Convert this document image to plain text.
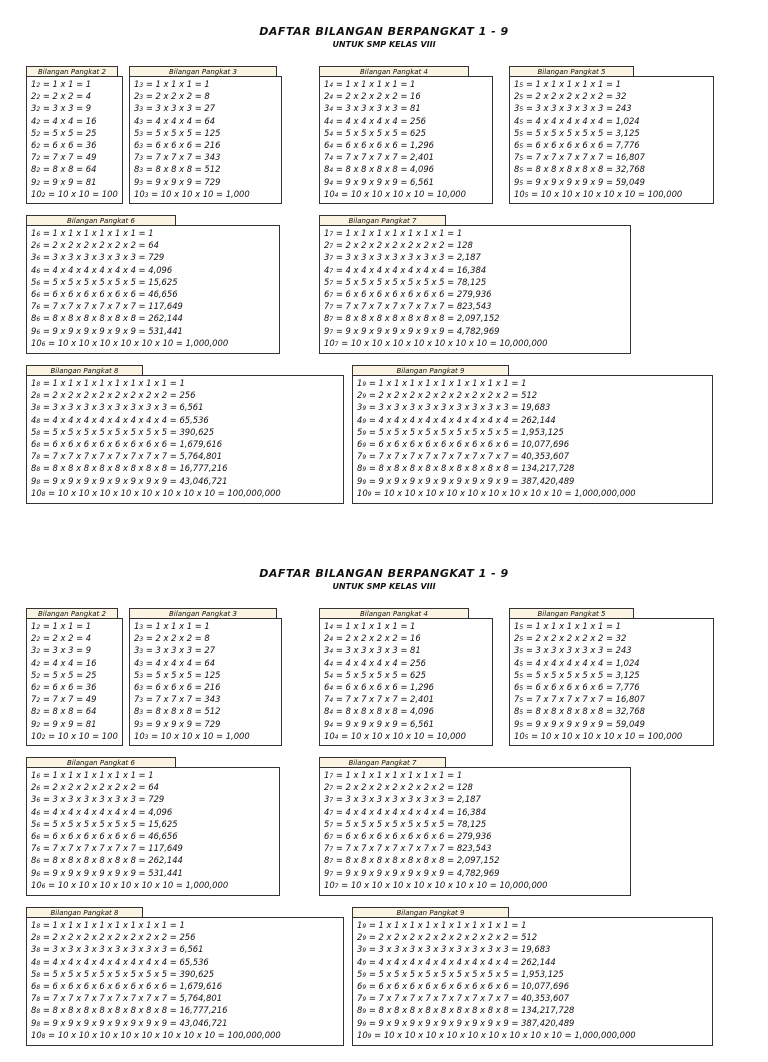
DAFTAR BILANGAN BERPANGKAT 1 - 9
UNTUK SMP KELAS VIII
Bilangan Pangkat 2
12 = 1 x 1 = 1
22 = 2 x 2 = 4
32 = 3 x 3 = 9
42 = 4 x 4 = 16
52 = 5 x 5 = 25
62 = 6 x 6 = 36
72 = 7 x 7 = 49
82 = 8 x 8 = 64
92 = 9 x 9 = 81
102 = 10 x 10 = 100
Bilangan Pangkat 3
13 = 1 x 1 x 1 = 1
23 = 2 x 2 x 2 = 8
33 = 3 x 3 x 3 = 27
43 = 4 x 4 x 4 = 64
53 = 5 x 5 x 5 = 125
63 = 6 x 6 x 6 = 216
73 = 7 x 7 x 7 = 343
83 = 8 x 8 x 8 = 512
93 = 9 x 9 x 9 = 729
103 = 10 x 10 x 10 = 1,000
Bilangan Pangkat 4
14 = 1 x 1 x 1 x 1 = 1
24 = 2 x 2 x 2 x 2 = 16
34 = 3 x 3 x 3 x 3 = 81
44 = 4 x 4 x 4 x 4 = 256
54 = 5 x 5 x 5 x 5 = 625
64 = 6 x 6 x 6 x 6 = 1,296
74 = 7 x 7 x 7 x 7 = 2,401
84 = 8 x 8 x 8 x 8 = 4,096
94 = 9 x 9 x 9 x 9 = 6,561
104 = 10 x 10 x 10 x 10 = 10,000
Bilangan Pangkat 5
15 = 1 x 1 x 1 x 1 x 1 = 1
25 = 2 x 2 x 2 x 2 x 2 = 32
35 = 3 x 3 x 3 x 3 x 3 = 243
45 = 4 x 4 x 4 x 4 x 4 = 1,024
55 = 5 x 5 x 5 x 5 x 5 = 3,125
65 = 6 x 6 x 6 x 6 x 6 = 7,776
75 = 7 x 7 x 7 x 7 x 7 = 16,807
85 = 8 x 8 x 8 x 8 x 8 = 32,768
95 = 9 x 9 x 9 x 9 x 9 = 59,049
105 = 10 x 10 x 10 x 10 x 10 = 100,000
Bilangan Pangkat 6
16 = 1 x 1 x 1 x 1 x 1 x 1 = 1
26 = 2 x 2 x 2 x 2 x 2 x 2 = 64
36 = 3 x 3 x 3 x 3 x 3 x 3 = 729
46 = 4 x 4 x 4 x 4 x 4 x 4 = 4,096
56 = 5 x 5 x 5 x 5 x 5 x 5 = 15,625
66 = 6 x 6 x 6 x 6 x 6 x 6 = 46,656
76 = 7 x 7 x 7 x 7 x 7 x 7 = 117,649
86 = 8 x 8 x 8 x 8 x 8 x 8 = 262,144
96 = 9 x 9 x 9 x 9 x 9 x 9 = 531,441
106 = 10 x 10 x 10 x 10 x 10 x 10 = 1,000,000
Bilangan Pangkat 7
17 = 1 x 1 x 1 x 1 x 1 x 1 x 1 = 1
27 = 2 x 2 x 2 x 2 x 2 x 2 x 2 = 128
37 = 3 x 3 x 3 x 3 x 3 x 3 x 3 = 2,187
47 = 4 x 4 x 4 x 4 x 4 x 4 x 4 = 16,384
57 = 5 x 5 x 5 x 5 x 5 x 5 x 5 = 78,125
67 = 6 x 6 x 6 x 6 x 6 x 6 x 6 = 279,936
77 = 7 x 7 x 7 x 7 x 7 x 7 x 7 = 823,543
87 = 8 x 8 x 8 x 8 x 8 x 8 x 8 = 2,097,152
97 = 9 x 9 x 9 x 9 x 9 x 9 x 9 = 4,782,969
107 = 10 x 10 x 10 x 10 x 10 x 10 x 10 = 10,000,000
Bilangan Pangkat 8
18 = 1 x 1 x 1 x 1 x 1 x 1 x 1 x 1 = 1
28 = 2 x 2 x 2 x 2 x 2 x 2 x 2 x 2 = 256
38 = 3 x 3 x 3 x 3 x 3 x 3 x 3 x 3 = 6,561
48 = 4 x 4 x 4 x 4 x 4 x 4 x 4 x 4 = 65,536
58 = 5 x 5 x 5 x 5 x 5 x 5 x 5 x 5 = 390,625
68 = 6 x 6 x 6 x 6 x 6 x 6 x 6 x 6 = 1,679,616
78 = 7 x 7 x 7 x 7 x 7 x 7 x 7 x 7 = 5,764,801
88 = 8 x 8 x 8 x 8 x 8 x 8 x 8 x 8 = 16,777,216
98 = 9 x 9 x 9 x 9 x 9 x 9 x 9 x 9 = 43,046,721
108 = 10 x 10 x 10 x 10 x 10 x 10 x 10 x 10 = 100,000,000
Bilangan Pangkat 9
19 = 1 x 1 x 1 x 1 x 1 x 1 x 1 x 1 x 1 = 1
29 = 2 x 2 x 2 x 2 x 2 x 2 x 2 x 2 x 2 = 512
39 = 3 x 3 x 3 x 3 x 3 x 3 x 3 x 3 x 3 = 19,683
49 = 4 x 4 x 4 x 4 x 4 x 4 x 4 x 4 x 4 = 262,144
59 = 5 x 5 x 5 x 5 x 5 x 5 x 5 x 5 x 5 = 1,953,125
69 = 6 x 6 x 6 x 6 x 6 x 6 x 6 x 6 x 6 = 10,077,696
79 = 7 x 7 x 7 x 7 x 7 x 7 x 7 x 7 x 7 = 40,353,607
89 = 8 x 8 x 8 x 8 x 8 x 8 x 8 x 8 x 8 = 134,217,728
99 = 9 x 9 x 9 x 9 x 9 x 9 x 9 x 9 x 9 = 387,420,489
109 = 10 x 10 x 10 x 10 x 10 x 10 x 10 x 10 x 10 = 1,000,000,000
DAFTAR BILANGAN BERPANGKAT 1 - 9
UNTUK SMP KELAS VIII
Bilangan Pangkat 2
12 = 1 x 1 = 1
22 = 2 x 2 = 4
32 = 3 x 3 = 9
42 = 4 x 4 = 16
52 = 5 x 5 = 25
62 = 6 x 6 = 36
72 = 7 x 7 = 49
82 = 8 x 8 = 64
92 = 9 x 9 = 81
102 = 10 x 10 = 100
Bilangan Pangkat 3
13 = 1 x 1 x 1 = 1
23 = 2 x 2 x 2 = 8
33 = 3 x 3 x 3 = 27
43 = 4 x 4 x 4 = 64
53 = 5 x 5 x 5 = 125
63 = 6 x 6 x 6 = 216
73 = 7 x 7 x 7 = 343
83 = 8 x 8 x 8 = 512
93 = 9 x 9 x 9 = 729
103 = 10 x 10 x 10 = 1,000
Bilangan Pangkat 4
14 = 1 x 1 x 1 x 1 = 1
24 = 2 x 2 x 2 x 2 = 16
34 = 3 x 3 x 3 x 3 = 81
44 = 4 x 4 x 4 x 4 = 256
54 = 5 x 5 x 5 x 5 = 625
64 = 6 x 6 x 6 x 6 = 1,296
74 = 7 x 7 x 7 x 7 = 2,401
84 = 8 x 8 x 8 x 8 = 4,096
94 = 9 x 9 x 9 x 9 = 6,561
104 = 10 x 10 x 10 x 10 = 10,000
Bilangan Pangkat 5
15 = 1 x 1 x 1 x 1 x 1 = 1
25 = 2 x 2 x 2 x 2 x 2 = 32
35 = 3 x 3 x 3 x 3 x 3 = 243
45 = 4 x 4 x 4 x 4 x 4 = 1,024
55 = 5 x 5 x 5 x 5 x 5 = 3,125
65 = 6 x 6 x 6 x 6 x 6 = 7,776
75 = 7 x 7 x 7 x 7 x 7 = 16,807
85 = 8 x 8 x 8 x 8 x 8 = 32,768
95 = 9 x 9 x 9 x 9 x 9 = 59,049
105 = 10 x 10 x 10 x 10 x 10 = 100,000
Bilangan Pangkat 6
16 = 1 x 1 x 1 x 1 x 1 x 1 = 1
26 = 2 x 2 x 2 x 2 x 2 x 2 = 64
36 = 3 x 3 x 3 x 3 x 3 x 3 = 729
46 = 4 x 4 x 4 x 4 x 4 x 4 = 4,096
56 = 5 x 5 x 5 x 5 x 5 x 5 = 15,625
66 = 6 x 6 x 6 x 6 x 6 x 6 = 46,656
76 = 7 x 7 x 7 x 7 x 7 x 7 = 117,649
86 = 8 x 8 x 8 x 8 x 8 x 8 = 262,144
96 = 9 x 9 x 9 x 9 x 9 x 9 = 531,441
106 = 10 x 10 x 10 x 10 x 10 x 10 = 1,000,000
Bilangan Pangkat 7
17 = 1 x 1 x 1 x 1 x 1 x 1 x 1 = 1
27 = 2 x 2 x 2 x 2 x 2 x 2 x 2 = 128
37 = 3 x 3 x 3 x 3 x 3 x 3 x 3 = 2,187
47 = 4 x 4 x 4 x 4 x 4 x 4 x 4 = 16,384
57 = 5 x 5 x 5 x 5 x 5 x 5 x 5 = 78,125
67 = 6 x 6 x 6 x 6 x 6 x 6 x 6 = 279,936
77 = 7 x 7 x 7 x 7 x 7 x 7 x 7 = 823,543
87 = 8 x 8 x 8 x 8 x 8 x 8 x 8 = 2,097,152
97 = 9 x 9 x 9 x 9 x 9 x 9 x 9 = 4,782,969
107 = 10 x 10 x 10 x 10 x 10 x 10 x 10 = 10,000,000
Bilangan Pangkat 8
18 = 1 x 1 x 1 x 1 x 1 x 1 x 1 x 1 = 1
28 = 2 x 2 x 2 x 2 x 2 x 2 x 2 x 2 = 256
38 = 3 x 3 x 3 x 3 x 3 x 3 x 3 x 3 = 6,561
48 = 4 x 4 x 4 x 4 x 4 x 4 x 4 x 4 = 65,536
58 = 5 x 5 x 5 x 5 x 5 x 5 x 5 x 5 = 390,625
68 = 6 x 6 x 6 x 6 x 6 x 6 x 6 x 6 = 1,679,616
78 = 7 x 7 x 7 x 7 x 7 x 7 x 7 x 7 = 5,764,801
88 = 8 x 8 x 8 x 8 x 8 x 8 x 8 x 8 = 16,777,216
98 = 9 x 9 x 9 x 9 x 9 x 9 x 9 x 9 = 43,046,721
108 = 10 x 10 x 10 x 10 x 10 x 10 x 10 x 10 = 100,000,000
Bilangan Pangkat 9
19 = 1 x 1 x 1 x 1 x 1 x 1 x 1 x 1 x 1 = 1
29 = 2 x 2 x 2 x 2 x 2 x 2 x 2 x 2 x 2 = 512
39 = 3 x 3 x 3 x 3 x 3 x 3 x 3 x 3 x 3 = 19,683
49 = 4 x 4 x 4 x 4 x 4 x 4 x 4 x 4 x 4 = 262,144
59 = 5 x 5 x 5 x 5 x 5 x 5 x 5 x 5 x 5 = 1,953,125
69 = 6 x 6 x 6 x 6 x 6 x 6 x 6 x 6 x 6 = 10,077,696
79 = 7 x 7 x 7 x 7 x 7 x 7 x 7 x 7 x 7 = 40,353,607
89 = 8 x 8 x 8 x 8 x 8 x 8 x 8 x 8 x 8 = 134,217,728
99 = 9 x 9 x 9 x 9 x 9 x 9 x 9 x 9 x 9 = 387,420,489
109 = 10 x 10 x 10 x 10 x 10 x 10 x 10 x 10 x 10 = 1,000,000,000
